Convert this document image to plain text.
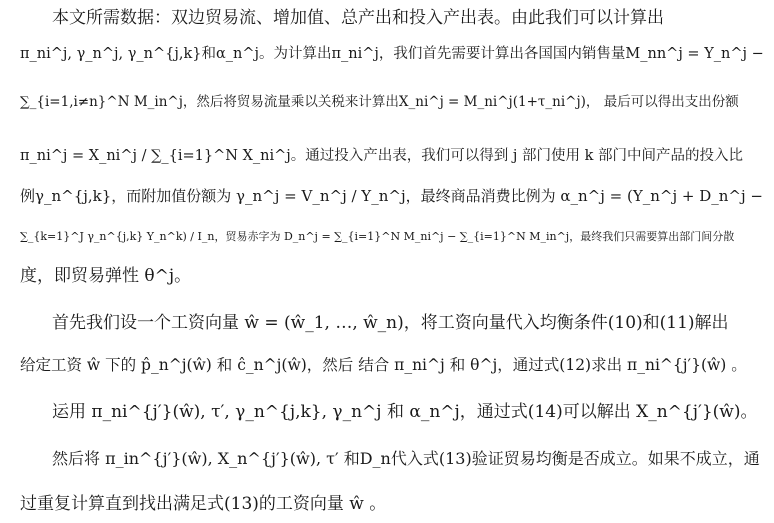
本文所需数据：双边贸易流、增加值、总产出和投入产出表。由此我们可以计算出
π_ni^j, γ_n^j, γ_n^{j,k}和α_n^j。为计算出π_ni^j，我们首先需要计算出各国国内销售量M_nn^j = Y_n^j −
∑_{i=1,i≠n}^N M_in^j，然后将贸易流量乘以关税来计算出X_ni^j = M_ni^j(1+τ_ni^j)， 最后可以得出支出份额
π_ni^j = X_ni^j / ∑_{i=1}^N X_ni^j。通过投入产出表，我们可以得到 j 部门使用 k 部门中间产品的投入比
例γ_n^{j,k}，而附加值份额为 γ_n^j = V_n^j / Y_n^j，最终商品消费比例为 α_n^j = (Y_n^j + D_n^j −
∑_{k=1}^J γ_n^{j,k} Y_n^k) / I_n，贸易赤字为 D_n^j = ∑_{i=1}^N M_ni^j − ∑_{i=1}^N M_in^j，最终我们只需要算出部门间分散
度，即贸易弹性 θ^j。
首先我们设一个工资向量 ŵ = (ŵ_1, …, ŵ_n)，将工资向量代入均衡条件(10)和(11)解出
给定工资 ŵ 下的 p̂_n^j(ŵ) 和 ĉ_n^j(ŵ)，然后 结合 π_ni^j 和 θ^j，通过式(12)求出 π_ni^{j′}(ŵ) 。
运用 π_ni^{j′}(ŵ), τ′, γ_n^{j,k}, γ_n^j 和 α_n^j，通过式(14)可以解出 X_n^{j′}(ŵ)。
然后将 π_in^{j′}(ŵ), X_n^{j′}(ŵ), τ′ 和D_n代入式(13)验证贸易均衡是否成立。如果不成立，通
过重复计算直到找出满足式(13)的工资向量 ŵ 。
